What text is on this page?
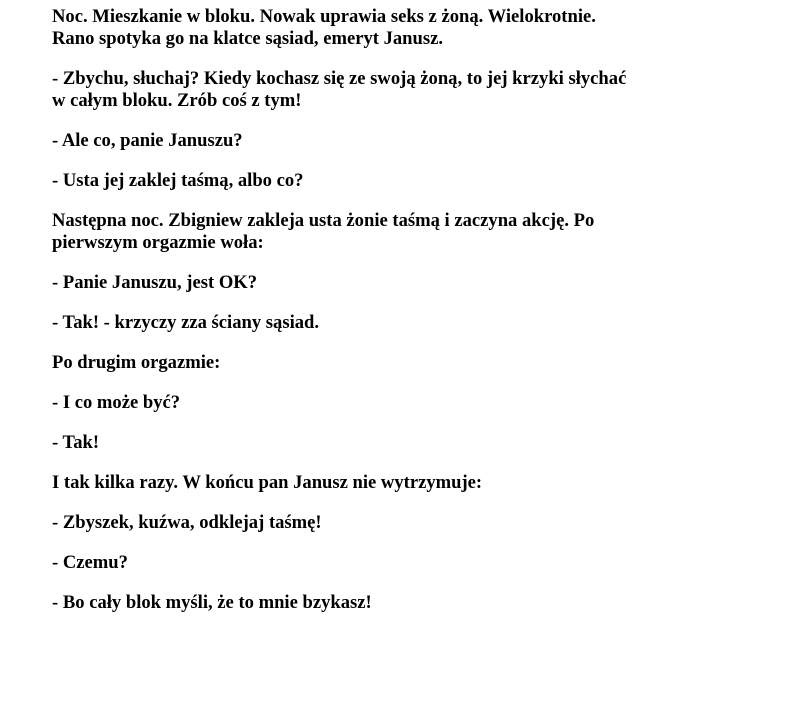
Noc. Mieszkanie w bloku. Nowak uprawia seks z żoną. Wielokrotnie.
Rano spotyka go na klatce sąsiad, emeryt Janusz.

- Zbychu, słuchaj? Kiedy kochasz się ze swoją żoną, to jej krzyki słychać
w całym bloku. Zrób coś z tym!

- Ale co, panie Januszu?

- Usta jej zaklej taśmą, albo co?

Następna noc. Zbigniew zakleja usta żonie taśmą i zaczyna akcję. Po
pierwszym orgazmie woła:

- Panie Januszu, jest OK?

- Tak! - krzyczy zza ściany sąsiad.

Po drugim orgazmie:

- I co może być?

- Tak!

I tak kilka razy. W końcu pan Janusz nie wytrzymuje:

- Zbyszek, kuźwa, odklejaj taśmę!

- Czemu?

- Bo cały blok myśli, że to mnie bzykasz!
